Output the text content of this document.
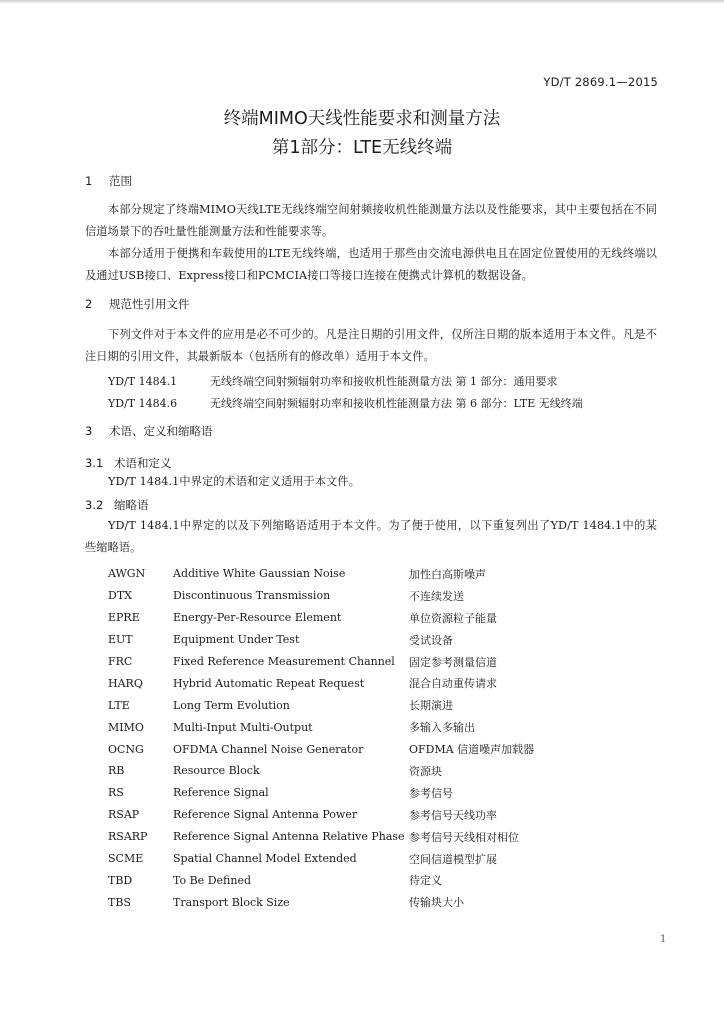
YD/T 2869.1—2015
终端MIMO天线性能要求和测量方法
第1部分：LTE无线终端
1 范围
本部分规定了终端MIMO天线LTE无线终端空间射频接收机性能测量方法以及性能要求，其中主要包括在不同信道场景下的吞吐量性能测量方法和性能要求等。
本部分适用于便携和车载使用的LTE无线终端，也适用于那些由交流电源供电且在固定位置使用的无线终端以及通过USB接口、Express接口和PCMCIA接口等接口连接在便携式计算机的数据设备。
2 规范性引用文件
下列文件对于本文件的应用是必不可少的。凡是注日期的引用文件，仅所注日期的版本适用于本文件。凡是不注日期的引用文件，其最新版本（包括所有的修改单）适用于本文件。
YD/T 1484.1	无线终端空间射频辐射功率和接收机性能测量方法 第 1 部分：通用要求
YD/T 1484.6	无线终端空间射频辐射功率和接收机性能测量方法 第 6 部分：LTE 无线终端
3 术语、定义和缩略语
3.1 术语和定义
YD/T 1484.1中界定的术语和定义适用于本文件。
3.2 缩略语
YD/T 1484.1中界定的以及下列缩略语适用于本文件。为了便于使用，以下重复列出了YD/T 1484.1中的某些缩略语。
AWGN	Additive White Gaussian Noise	加性白高斯噪声
DTX	Discontinuous Transmission	不连续发送
EPRE	Energy-Per-Resource Element	单位资源粒子能量
EUT	Equipment Under Test	受试设备
FRC	Fixed Reference Measurement Channel	固定参考测量信道
HARQ	Hybrid Automatic Repeat Request	混合自动重传请求
LTE	Long Term Evolution	长期演进
MIMO	Multi-Input Multi-Output	多输入多输出
OCNG	OFDMA Channel Noise Generator	OFDMA 信道噪声加载器
RB	Resource Block	资源块
RS	Reference Signal	参考信号
RSAP	Reference Signal Antenna Power	参考信号天线功率
RSARP	Reference Signal Antenna Relative Phase	参考信号天线相对相位
SCME	Spatial Channel Model Extended	空间信道模型扩展
TBD	To Be Defined	待定义
TBS	Transport Block Size	传输块大小
1
